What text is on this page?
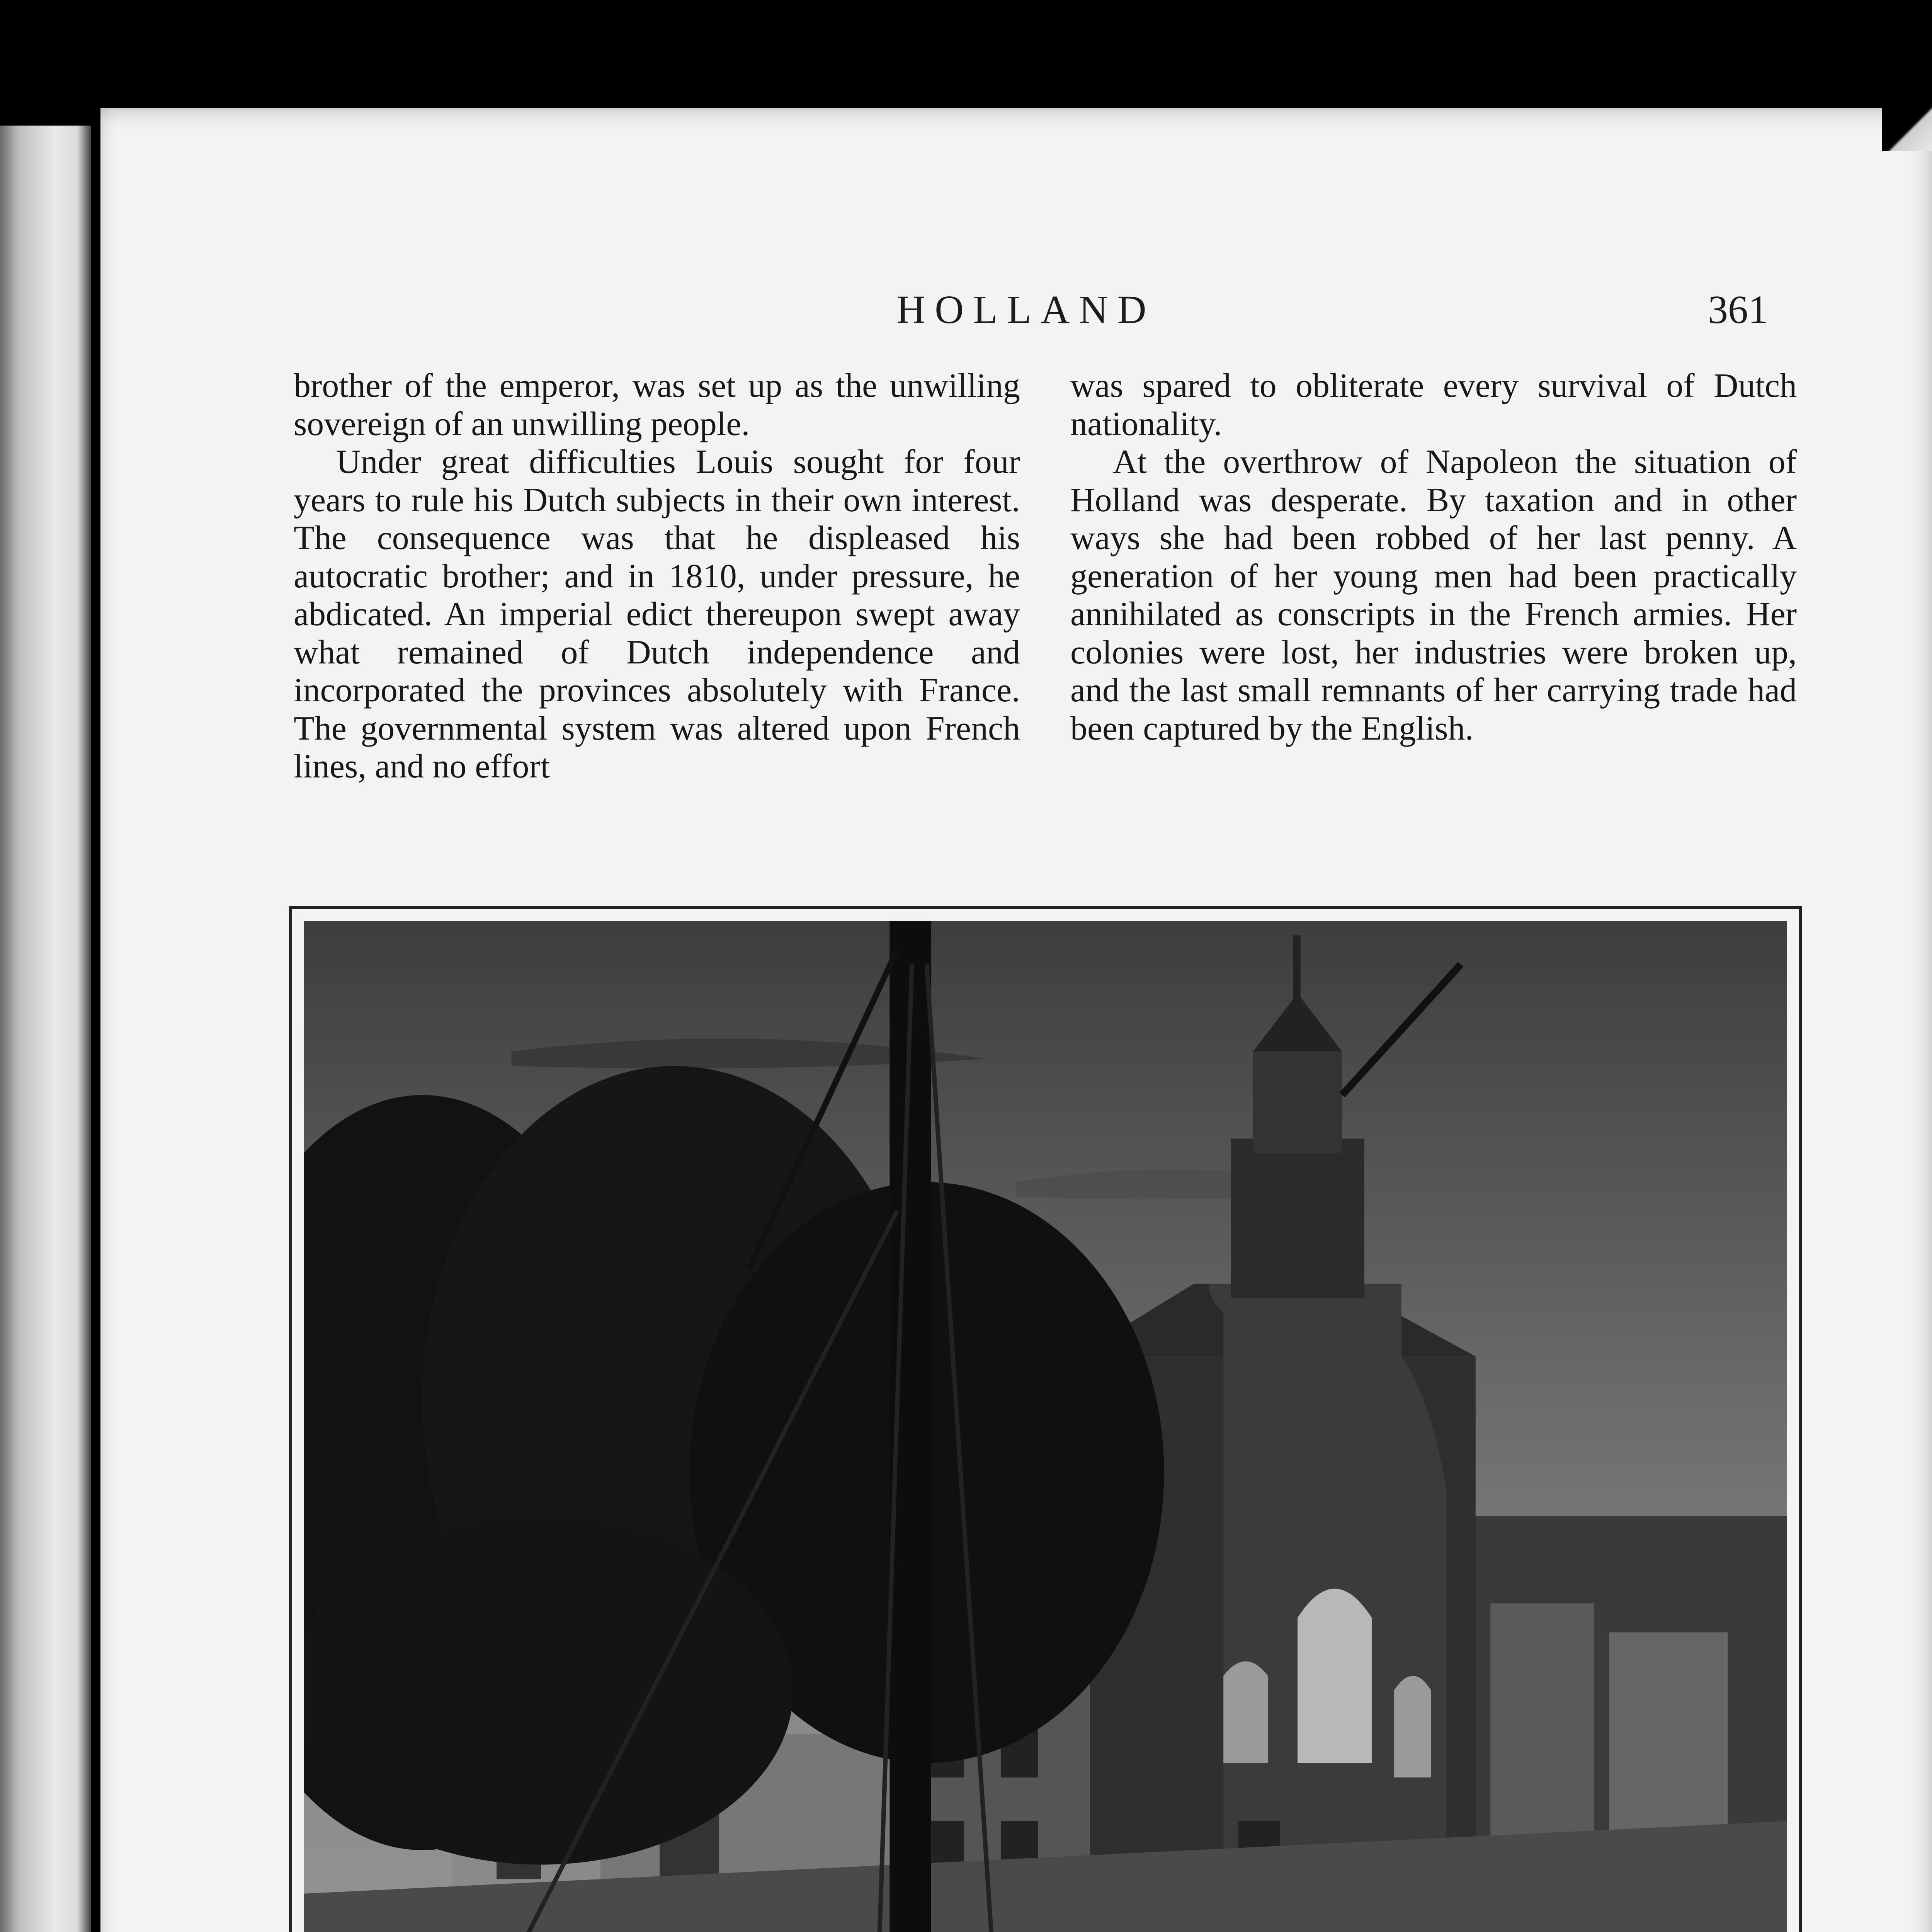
HOLLAND	361

brother of the emperor, was set up as the unwilling sovereign of an unwilling people.

Under great difficulties Louis sought for four years to rule his Dutch subjects in their own interest. The consequence was that he displeased his autocratic brother; and in 1810, under pressure, he abdicated. An imperial edict thereupon swept away what remained of Dutch independence and incorporated the provinces absolutely with France. The governmental system was altered upon French lines, and no effort

was spared to obliterate every survival of Dutch nationality.

At the overthrow of Napoleon the situation of Holland was desperate. By taxation and in other ways she had been robbed of her last penny. A generation of her young men had been practically annihilated as conscripts in the French armies. Her colonies were lost, her industries were broken up, and the last small remnants of her carrying trade had been captured by the English.
